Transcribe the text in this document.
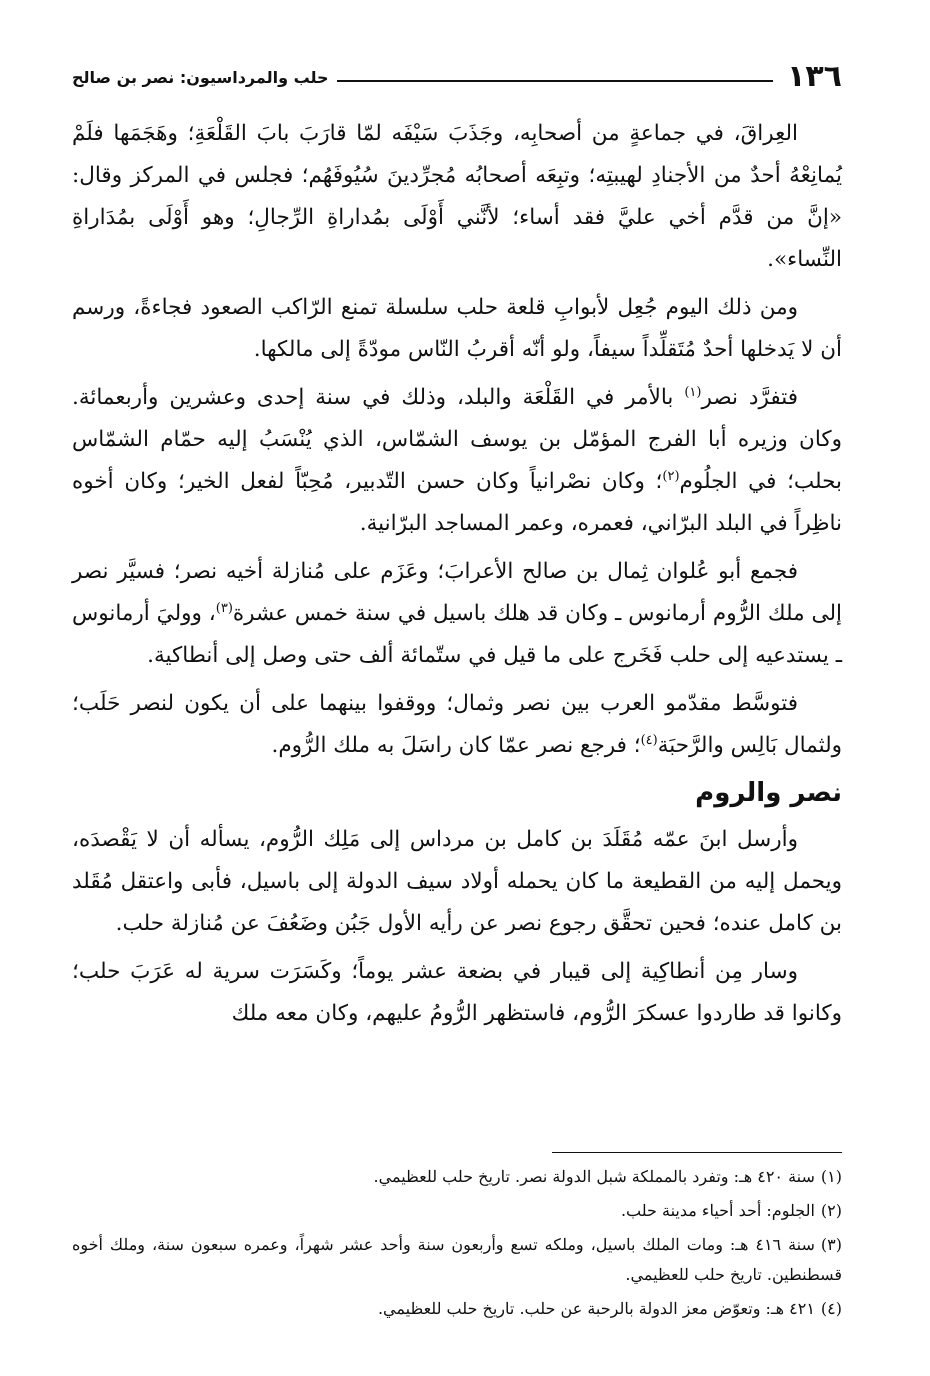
١٣٦
حلب والمرداسيون: نصر بن صالح

العِراقَ، في جماعةٍ من أصحابِه، وجَذَبَ سَيْفَه لمّا قارَبَ بابَ القَلْعَةِ؛ وهَجَمَها فلَمْ يُمانِعْهُ أحدٌ من الأجنادِ لهيبتِه؛ وتبِعَه أصحابُه مُجرِّدينَ سُيُوفَهُم؛ فجلس في المركز وقال: «إنَّ من قدَّم أخي عليَّ فقد أساء؛ لأنَّني أَوْلَى بمُداراةِ الرِّجالِ؛ وهو أَوْلَى بمُدَاراةِ النِّساء».

ومن ذلك اليوم جُعِل لأبوابِ قلعة حلب سلسلة تمنع الرّاكب الصعود فجاءةً، ورسم أن لا يَدخلها أحدٌ مُتَقلِّداً سيفاً، ولو أنّه أقربُ النّاس مودّةً إلى مالكها.

فتفرَّد نصر$^{(١)}$ بالأمر في القَلْعَة والبلد، وذلك في سنة إحدى وعشرين وأربعمائة. وكان وزيره أبا الفرج المؤمّل بن يوسف الشمّاس، الذي يُنْسَبُ إليه حمّام الشمّاس بحلب؛ في الجلُوم$^{(٢)}$؛ وكان نصْرانياً وكان حسن التّدبير، مُحِبّاً لفعل الخير؛ وكان أخوه ناظِراً في البلد البرّاني، فعمره، وعمر المساجد البرّانية.

فجمع أبو عُلوان ثِمال بن صالح الأعرابَ؛ وعَزَم على مُنازلة أخيه نصر؛ فسيَّر نصر إلى ملك الرُّوم أرمانوس ـ وكان قد هلك باسيل في سنة خمس عشرة$^{(٣)}$، ووليَ أرمانوس ـ يستدعيه إلى حلب فَخَرج على ما قيل في ستّمائة ألف حتى وصل إلى أنطاكية.

فتوسَّط مقدّمو العرب بين نصر وثمال؛ ووقفوا بينهما على أن يكون لنصر حَلَب؛ ولثمال بَالِس والرَّحبَة$^{(٤)}$؛ فرجع نصر عمّا كان راسَلَ به ملك الرُّوم.

نصر والروم

وأرسل ابنَ عمّه مُقَلَدَ بن كامل بن مرداس إلى مَلِك الرُّوم، يسأله أن لا يَقْصدَه، ويحمل إليه من القطيعة ما كان يحمله أولاد سيف الدولة إلى باسيل، فأبى واعتقل مُقَلد بن كامل عنده؛ فحين تحقَّق رجوع نصر عن رأيه الأول جَبُن وضَعُفَ عن مُنازلة حلب.

وسار مِن أنطاكِية إلى قيبار في بضعة عشر يوماً؛ وكَسَرَت سرية له عَرَبَ حلب؛ وكانوا قد طاردوا عسكرَ الرُّوم، فاستظهر الرُّومُ عليهم، وكان معه ملك

(١)سنة ٤٢٠ هـ: وتفرد بالمملكة شبل الدولة نصر. تاريخ حلب للعظيمي.
(٢)الجلوم: أحد أحياء مدينة حلب.
(٣)سنة ٤١٦ هـ: ومات الملك باسيل، وملكه تسع وأربعون سنة وأحد عشر شهراً، وعمره سبعون سنة، وملك أخوه قسطنطين. تاريخ حلب للعظيمي.
(٤)٤٢١ هـ: وتعوّض معز الدولة بالرحبة عن حلب. تاريخ حلب للعظيمي.
